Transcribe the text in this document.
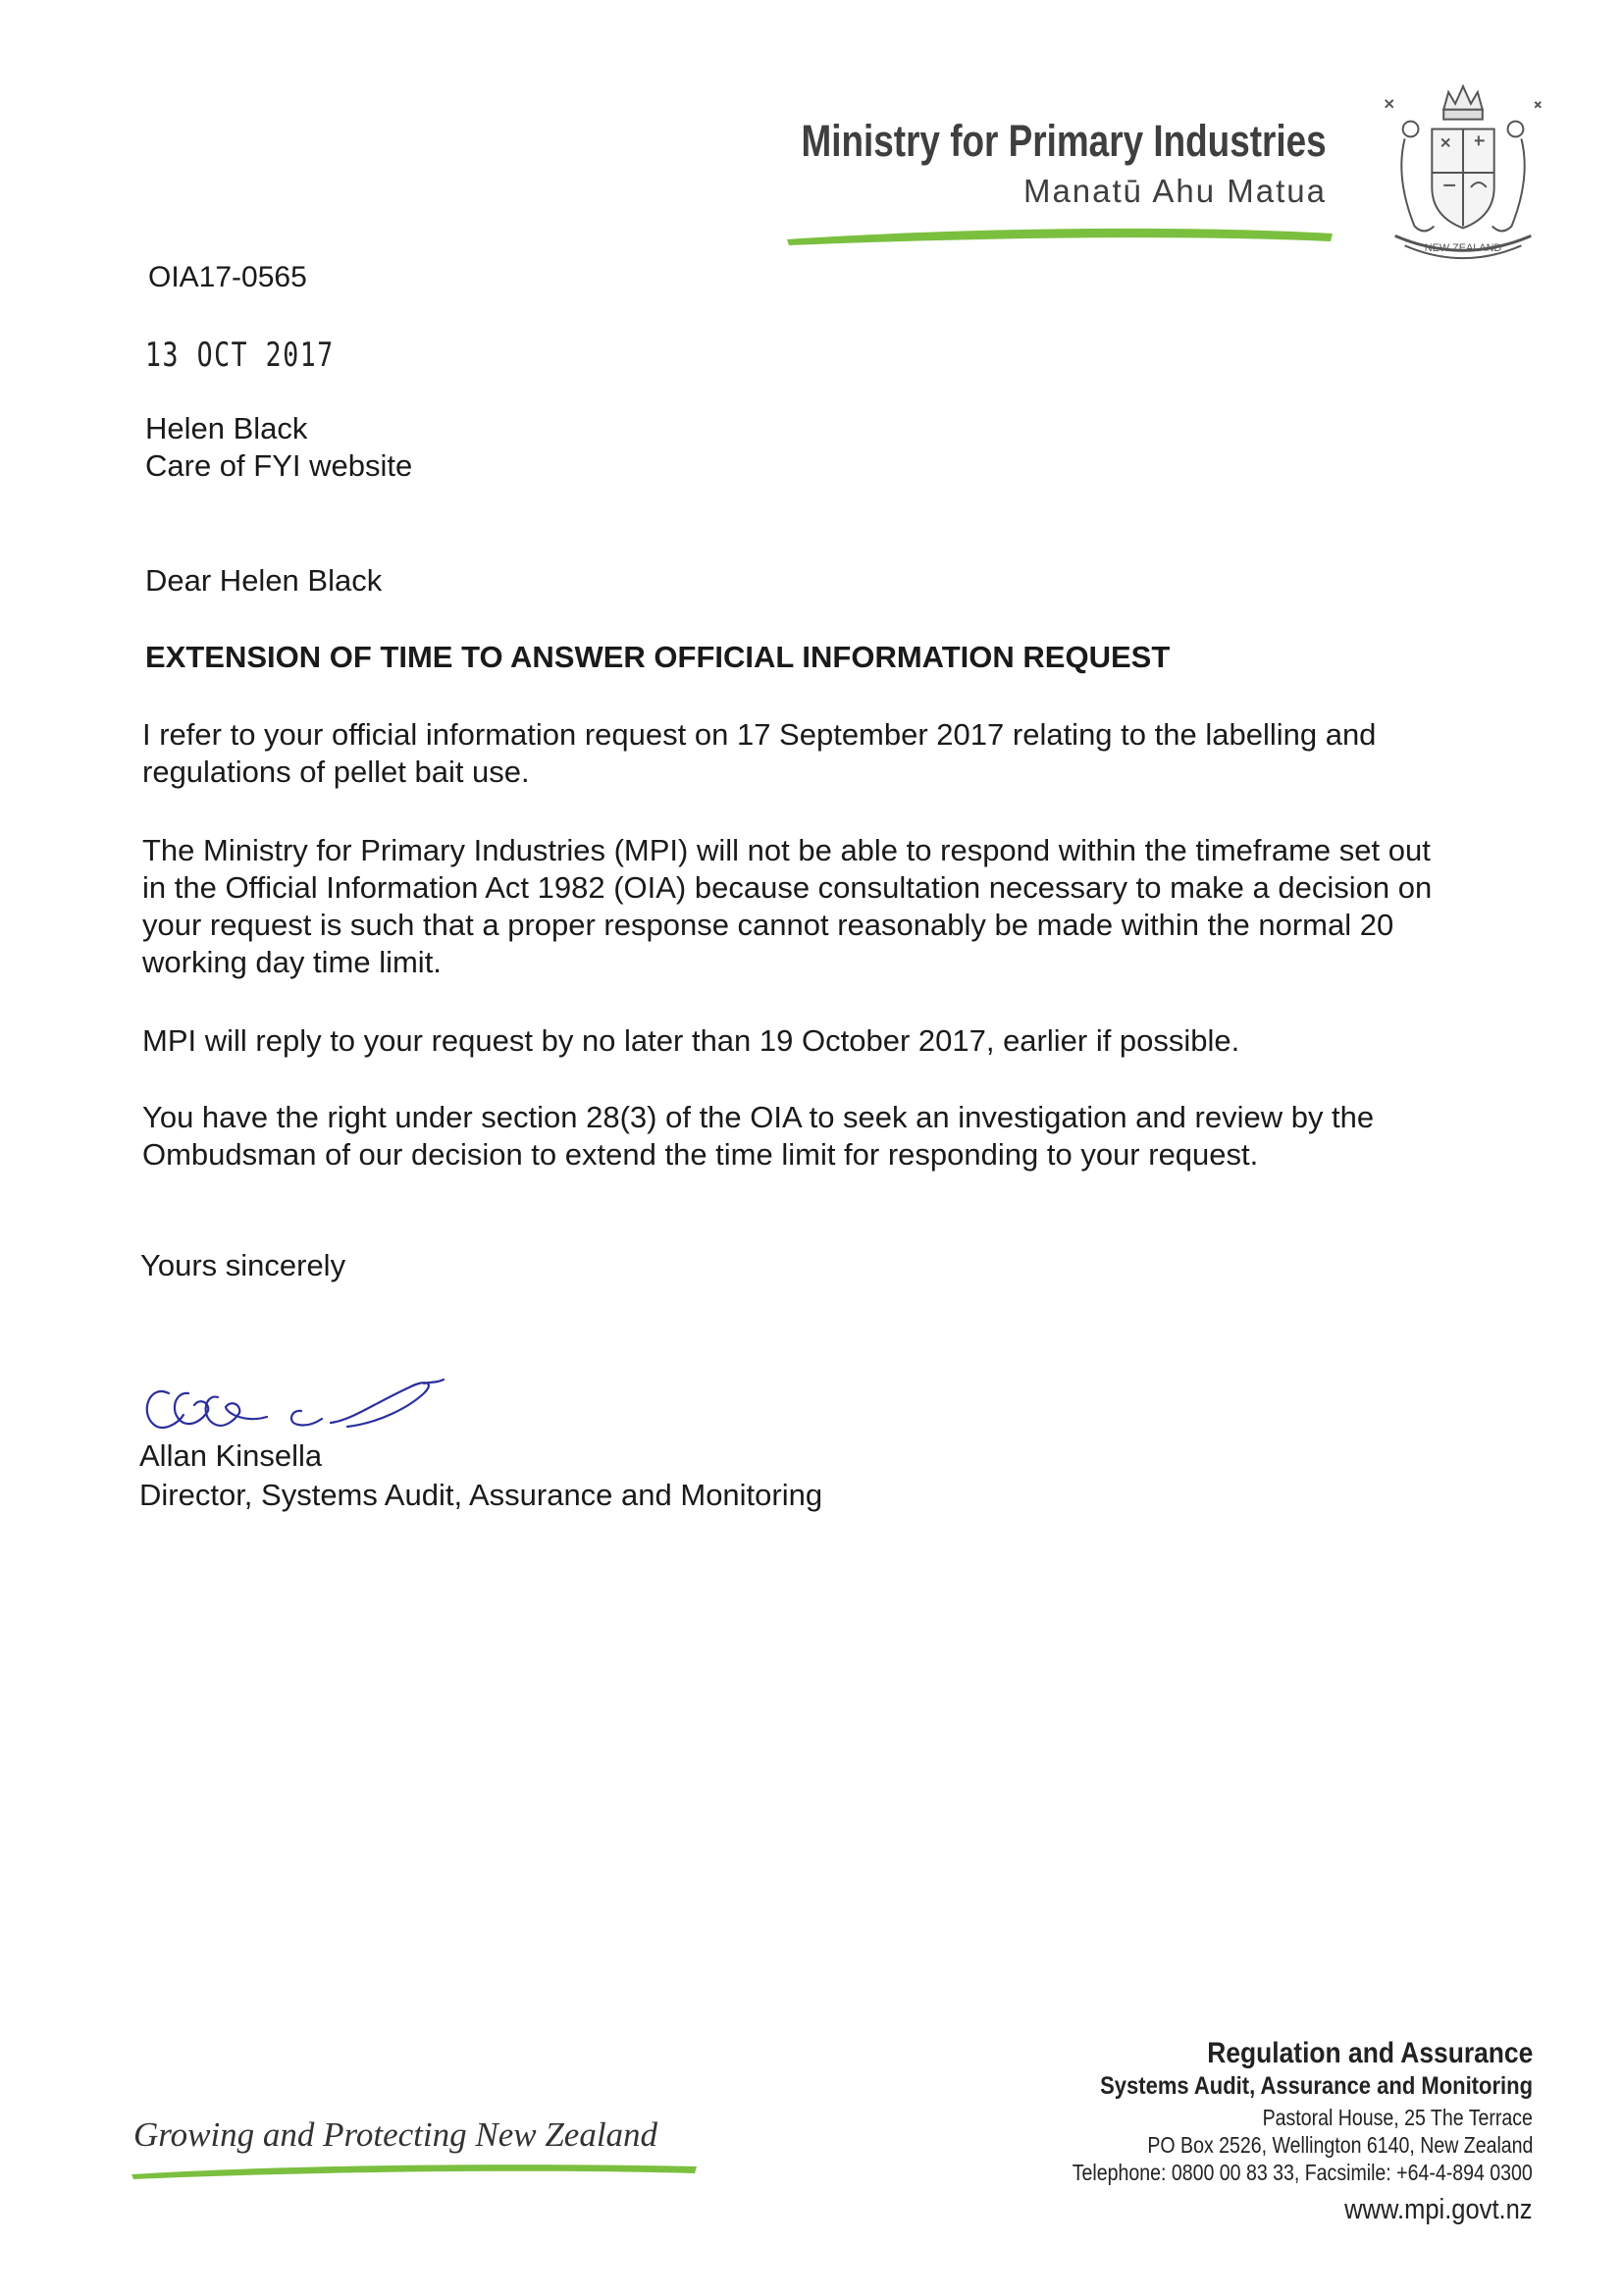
Ministry for Primary Industries
Manatū Ahu Matua
NEW ZEALAND
OIA17-0565
13 OCT 2017
Helen Black
Care of FYI website
Dear Helen Black
EXTENSION OF TIME TO ANSWER OFFICIAL INFORMATION REQUEST
I refer to your official information request on 17 September 2017 relating to the labelling and regulations of pellet bait use.
The Ministry for Primary Industries (MPI) will not be able to respond within the timeframe set out in the Official Information Act 1982 (OIA) because consultation necessary to make a decision on your request is such that a proper response cannot reasonably be made within the normal 20 working day time limit.
MPI will reply to your request by no later than 19 October 2017, earlier if possible.
You have the right under section 28(3) of the OIA to seek an investigation and review by the Ombudsman of our decision to extend the time limit for responding to your request.
Yours sincerely
Allan Kinsella
Director, Systems Audit, Assurance and Monitoring
Growing and Protecting New Zealand
Regulation and Assurance
Systems Audit, Assurance and Monitoring
Pastoral House, 25 The Terrace
PO Box 2526, Wellington 6140, New Zealand
Telephone: 0800 00 83 33, Facsimile: +64-4-894 0300
www.mpi.govt.nz
